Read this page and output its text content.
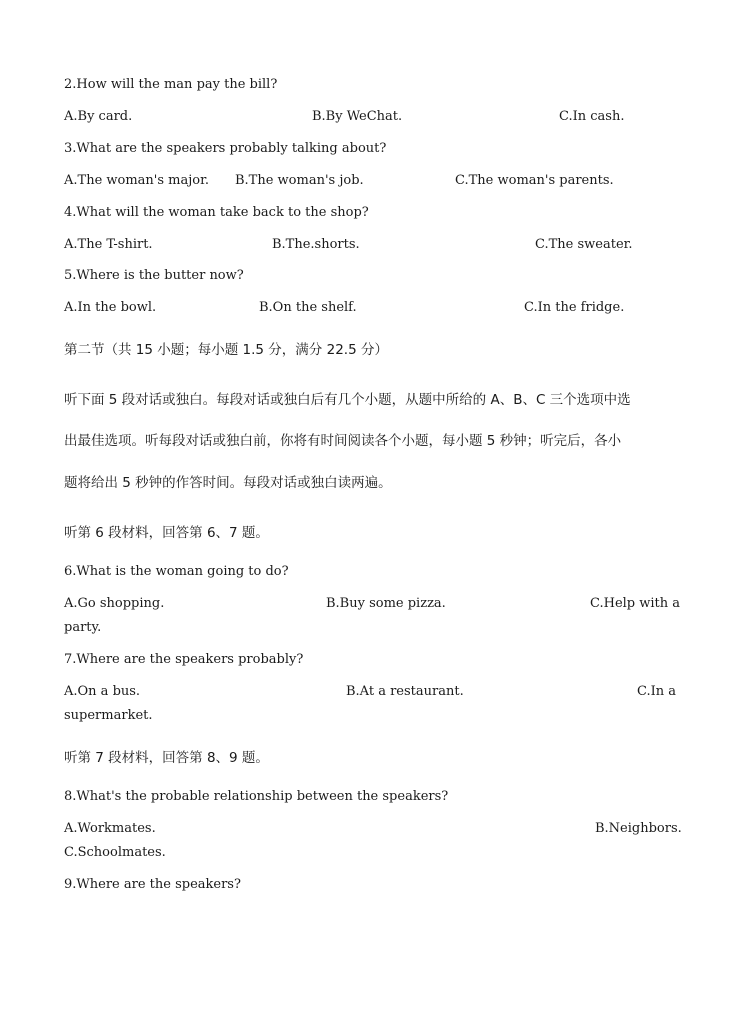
2.How will the man pay the bill?
A.By card.	B.By WeChat.	C.In cash.
3.What are the speakers probably talking about?
A.The woman's major. B.The woman's job.	C.The woman's parents.
4.What will the woman take back to the shop?
A.The T-shirt.	B.The.shorts.	C.The sweater.
5.Where is the butter now?
A.In the bowl.	B.On the shelf.	C.In the fridge.
第二节（共 15 小题；每小题 1.5 分，满分 22.5 分）
听下面 5 段对话或独白。每段对话或独白后有几个小题，从题中所给的 A、B、C 三个选项中选
出最佳选项。听每段对话或独白前，你将有时间阅读各个小题，每小题 5 秒钟；听完后，各小
题将给出 5 秒钟的作答时间。每段对话或独白读两遍。
听第 6 段材料，回答第 6、7 题。
6.What is the woman going to do?
A.Go shopping.	B.Buy some pizza.	C.Help with a
party.
7.Where are the speakers probably?
A.On a bus.	B.At a restaurant.	C.In a
supermarket.
听第 7 段材料，回答第 8、9 题。
8.What's the probable relationship between the speakers?
A.Workmates.	B.Neighbors.
C.Schoolmates.
9.Where are the speakers?
